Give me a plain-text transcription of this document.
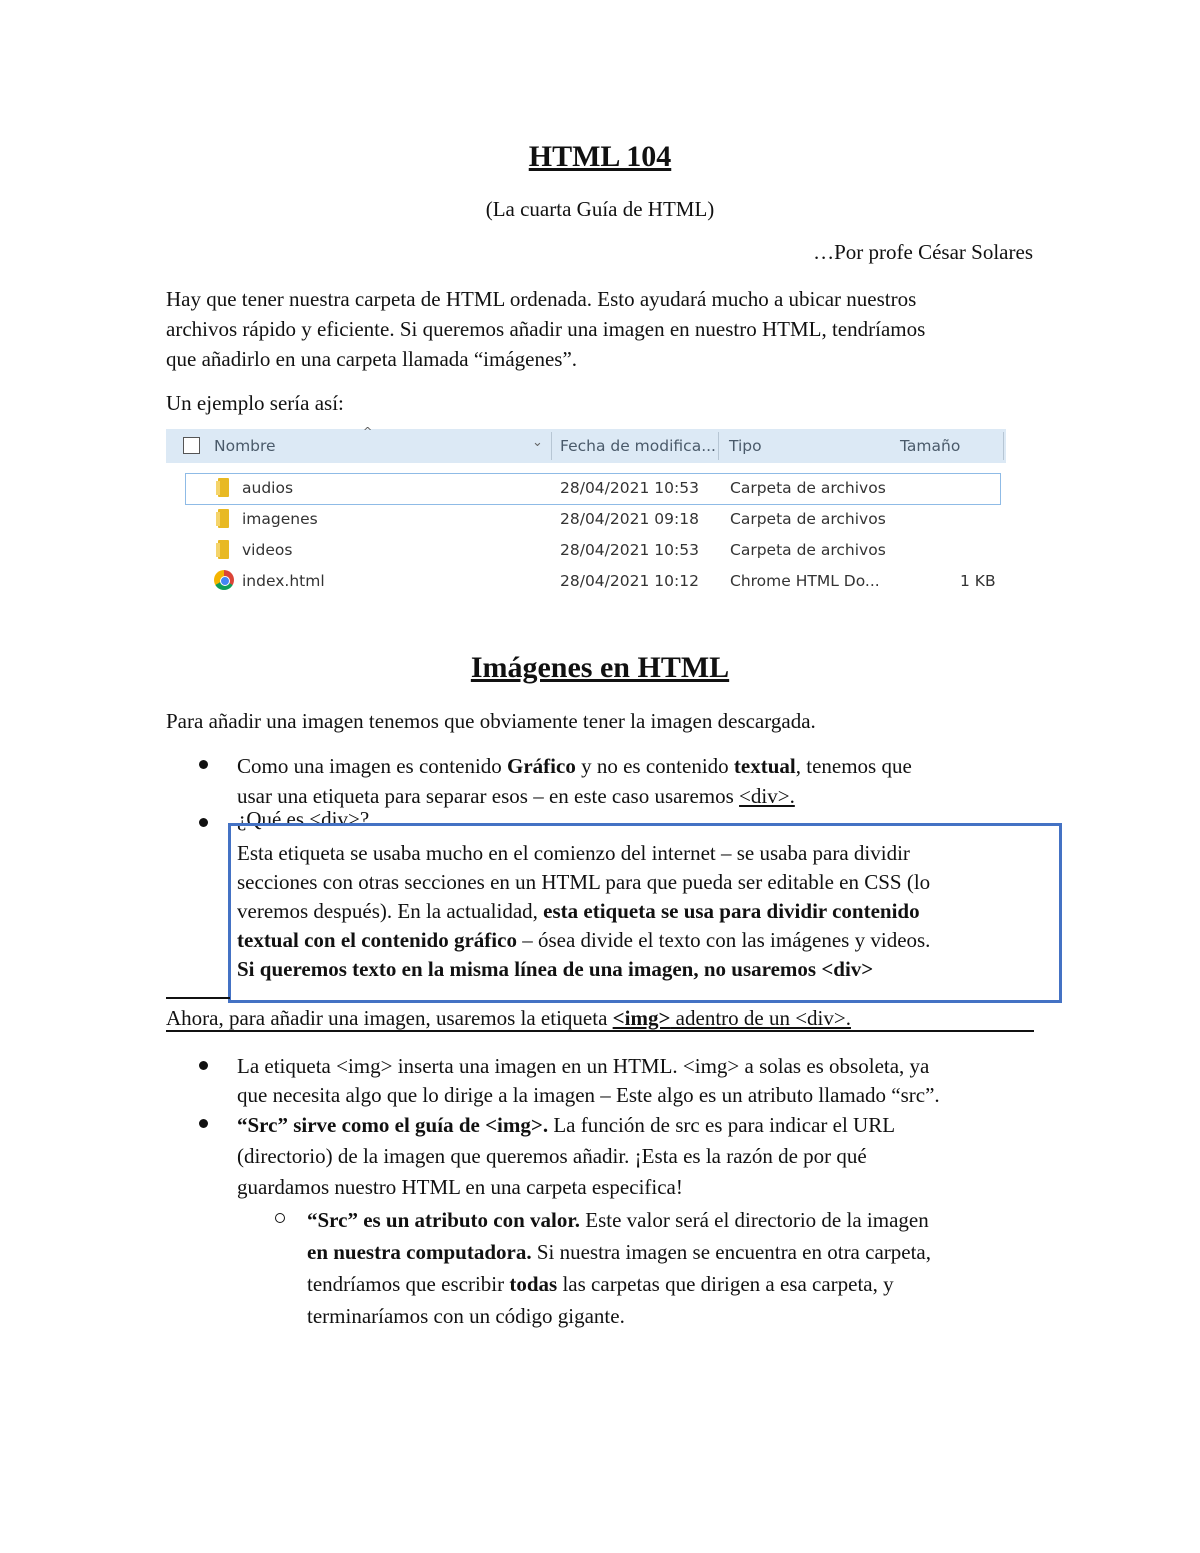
HTML 104
(La cuarta Guía de HTML)
…Por profe César Solares
Hay que tener nuestra carpeta de HTML ordenada. Esto ayudará mucho a ubicar nuestros
archivos rápido y eficiente. Si queremos añadir una imagen en nuestro HTML, tendríamos
que añadirlo en una carpeta llamada “imágenes”.
Un ejemplo sería así:
^
Nombre	⌄ Fecha de modifica... Tipo	Tamaño
audios	28/04/2021 10:53 Carpeta de archivos
imagenes	28/04/2021 09:18 Carpeta de archivos
videos	28/04/2021 10:53 Carpeta de archivos
index.html	28/04/2021 10:12 Chrome HTML Do...	1 KB
Imágenes en HTML
Para añadir una imagen tenemos que obviamente tener la imagen descargada.
Como una imagen es contenido Gráfico y no es contenido textual, tenemos que
usar una etiqueta para separar esos – en este caso usaremos <div>.
¿Qué es <div>?
Esta etiqueta se usaba mucho en el comienzo del internet – se usaba para dividir
secciones con otras secciones en un HTML para que pueda ser editable en CSS (lo
veremos después). En la actualidad, esta etiqueta se usa para dividir contenido
textual con el contenido gráfico – ósea divide el texto con las imágenes y videos.
Si queremos texto en la misma línea de una imagen, no usaremos <div>
Ahora, para añadir una imagen, usaremos la etiqueta <img> adentro de un <div>.
La etiqueta <img> inserta una imagen en un HTML. <img> a solas es obsoleta, ya
que necesita algo que lo dirige a la imagen – Este algo es un atributo llamado “src”.
“Src” sirve como el guía de <img>. La función de src es para indicar el URL
(directorio) de la imagen que queremos añadir. ¡Esta es la razón de por qué
guardamos nuestro HTML en una carpeta especifica!
“Src” es un atributo con valor. Este valor será el directorio de la imagen
en nuestra computadora. Si nuestra imagen se encuentra en otra carpeta,
tendríamos que escribir todas las carpetas que dirigen a esa carpeta, y
terminaríamos con un código gigante.
